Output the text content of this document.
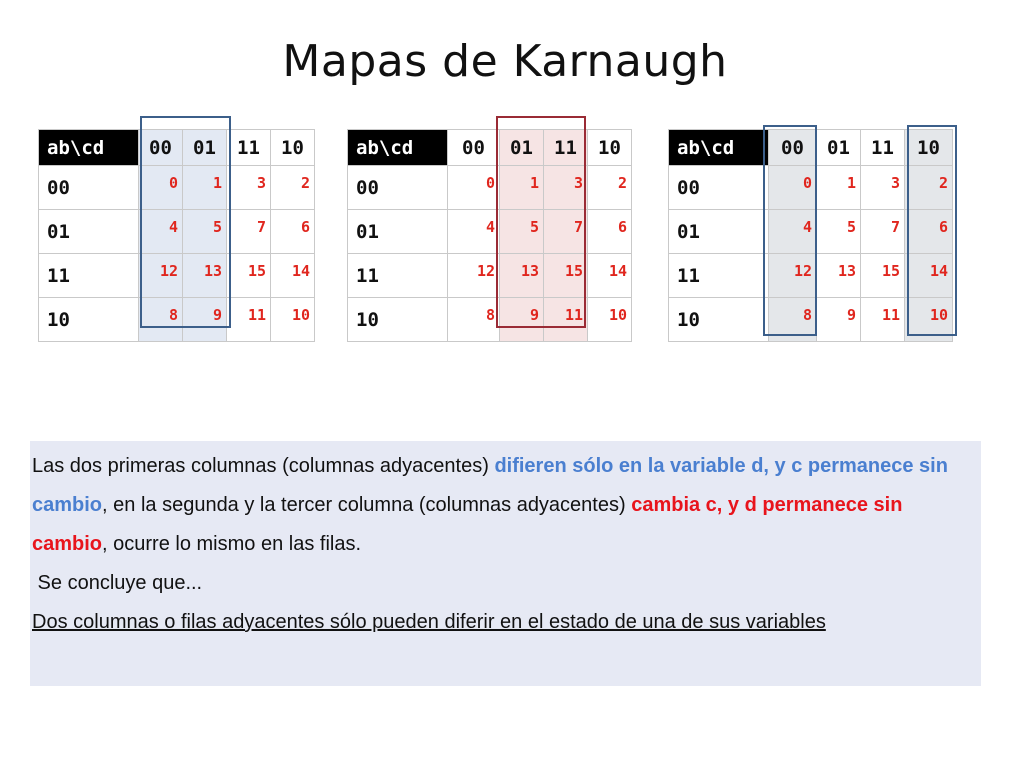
Mapas de Karnaugh
ab\cd	00	01	11	10
00	0	1	3	2
01	4	5	7	6
11	12	13	15	14
10	8	9	11	10
ab\cd	00	01	11	10
00	0	1	3	2
01	4	5	7	6
11	12	13	15	14
10	8	9	11	10
ab\cd	00	01	11	10
00	0	1	3	2
01	4	5	7	6
11	12	13	15	14
10	8	9	11	10
Las dos primeras columnas (columnas adyacentes) difieren sólo en la variable d, y c permanece sin cambio, en la segunda y la tercer columna (columnas adyacentes) cambia c, y d permanece sin cambio, ocurre lo mismo en las filas.
Se concluye que...
Dos columnas o filas adyacentes sólo pueden diferir en el estado de una de sus variables
